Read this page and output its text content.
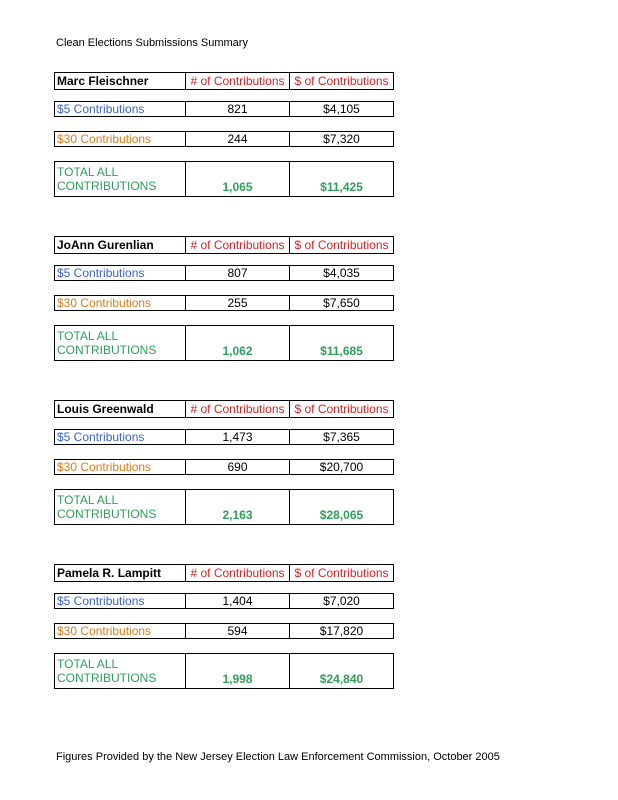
Clean Elections Submissions Summary
Marc Fleischner	# of Contributions $ of Contributions
$5 Contributions	821	$4,105
$30 Contributions	244	$7,320
TOTAL ALL
CONTRIBUTIONS	1,065	$11,425
JoAnn Gurenlian	# of Contributions $ of Contributions
$5 Contributions	807	$4,035
$30 Contributions	255	$7,650
TOTAL ALL
CONTRIBUTIONS	1,062	$11,685
Louis Greenwald	# of Contributions $ of Contributions
$5 Contributions	1,473	$7,365
$30 Contributions	690	$20,700
TOTAL ALL
CONTRIBUTIONS	2,163	$28,065
Pamela R. Lampitt	# of Contributions $ of Contributions
$5 Contributions	1,404	$7,020
$30 Contributions	594	$17,820
TOTAL ALL
CONTRIBUTIONS	1,998	$24,840
Figures Provided by the New Jersey Election Law Enforcement Commission, October 2005
